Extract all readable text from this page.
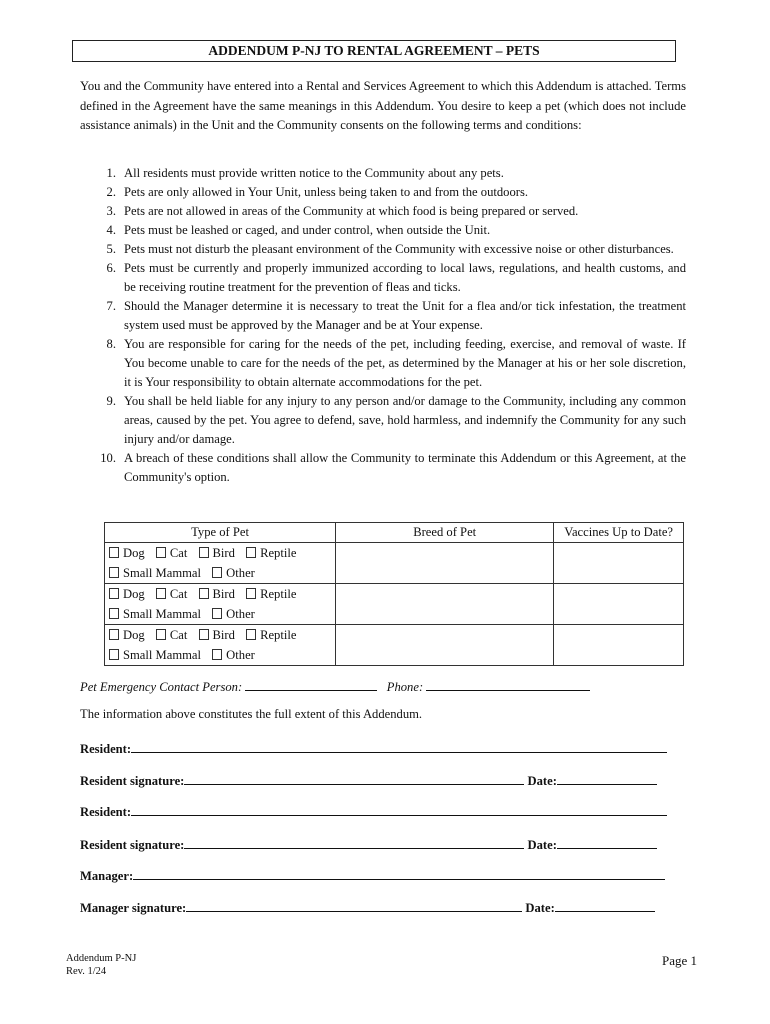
ADDENDUM P-NJ TO RENTAL AGREEMENT – PETS

You and the Community have entered into a Rental and Services Agreement to which this Addendum is attached. Terms defined in the Agreement have the same meanings in this Addendum. You desire to keep a pet (which does not include assistance animals) in the Unit and the Community consents on the following terms and conditions:

1. All residents must provide written notice to the Community about any pets.
2. Pets are only allowed in Your Unit, unless being taken to and from the outdoors.
3. Pets are not allowed in areas of the Community at which food is being prepared or served.
4. Pets must be leashed or caged, and under control, when outside the Unit.
5. Pets must not disturb the pleasant environment of the Community with excessive noise or other disturbances.
6. Pets must be currently and properly immunized according to local laws, regulations, and health customs, and be receiving routine treatment for the prevention of fleas and ticks.
7. Should the Manager determine it is necessary to treat the Unit for a flea and/or tick infestation, the treatment system used must be approved by the Manager and be at Your expense.
8. You are responsible for caring for the needs of the pet, including feeding, exercise, and removal of waste. If You become unable to care for the needs of the pet, as determined by the Manager at his or her sole discretion, it is Your responsibility to obtain alternate accommodations for the pet.
9. You shall be held liable for any injury to any person and/or damage to the Community, including any common areas, caused by the pet. You agree to defend, save, hold harmless, and indemnify the Community for any such injury and/or damage.
10. A breach of these conditions shall allow the Community to terminate this Addendum or this Agreement, at the Community's option.
Type of Pet	Breed of Pet	Vaccines Up to Date?

Dog Cat Bird Reptile
Small Mammal Other		

Dog Cat Bird Reptile
Small Mammal Other		

Dog Cat Bird Reptile
Small Mammal Other		

Pet Emergency Contact Person:	Phone:
The information above constitutes the full extent of this Addendum.
Resident:
Resident signature:	Date:
Resident:
Resident signature:	Date:
Manager:
Manager signature:	Date:
Addendum P-NJ
Rev. 1/24
Page 1
